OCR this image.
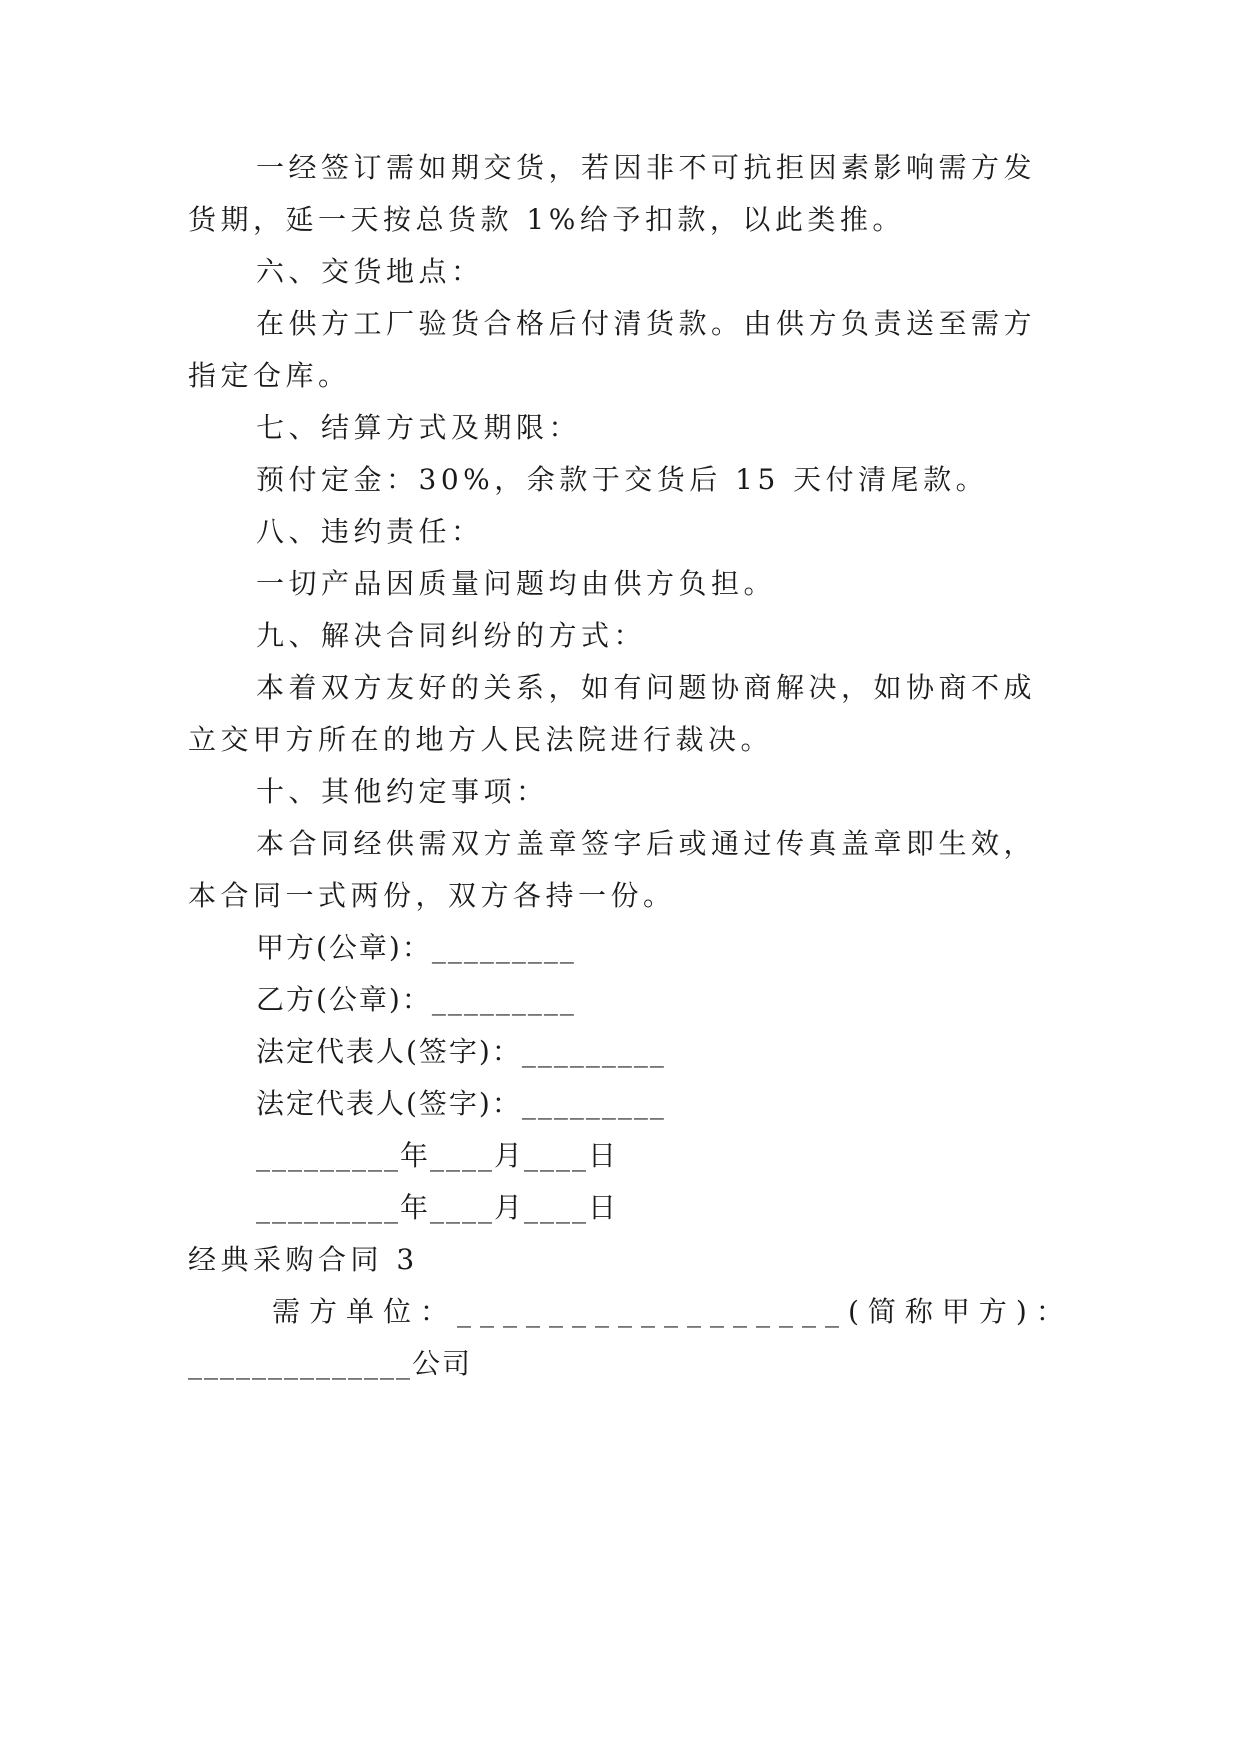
一经签订需如期交货，若因非不可抗拒因素影响需方发
货期，延一天按总货款 1%给予扣款，以此类推。
六、交货地点：
在供方工厂验货合格后付清货款。由供方负责送至需方
指定仓库。
七、结算方式及期限：
预付定金：30%，余款于交货后 15 天付清尾款。
八、违约责任：
一切产品因质量问题均由供方负担。
九、解决合同纠纷的方式：
本着双方友好的关系，如有问题协商解决，如协商不成
立交甲方所在的地方人民法院进行裁决。
十、其他约定事项：
本合同经供需双方盖章签字后或通过传真盖章即生效，
本合同一式两份，双方各持一份。
甲方(公章)：_________
乙方(公章)：_________
法定代表人(签字)：_________
法定代表人(签字)：_________
_________年____月____日
_________年____月____日
经典采购合同 3
需方单位：_________________(简称甲方)：
______________公司
